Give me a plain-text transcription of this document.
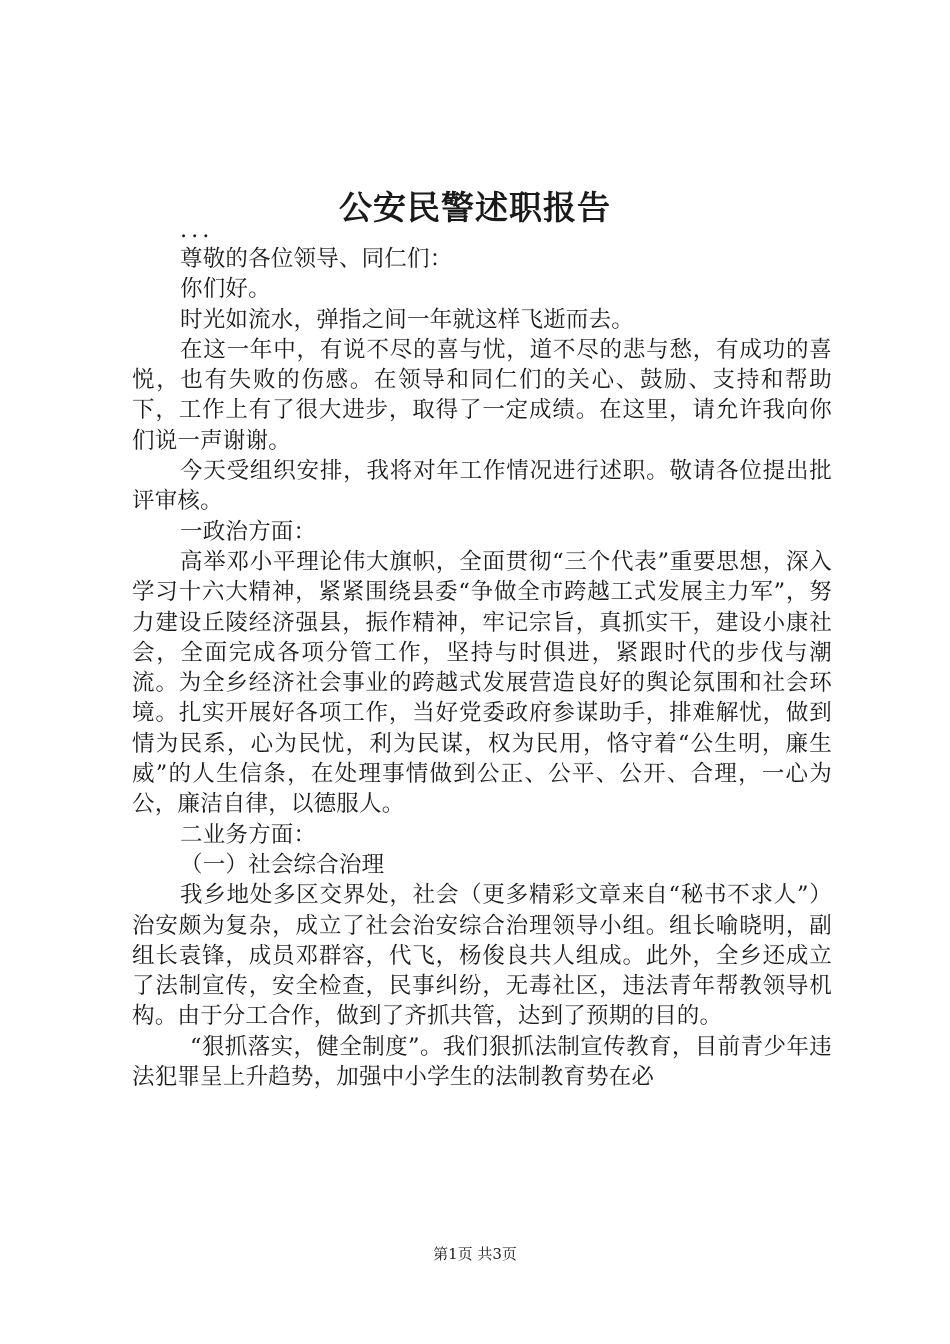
公安民警述职报告

...

尊敬的各位领导、同仁们：

你们好。

时光如流水，弹指之间一年就这样飞逝而去。

在这一年中，有说不尽的喜与忧，道不尽的悲与愁，有成功的喜悦，也有失败的伤感。在领导和同仁们的关心、鼓励、支持和帮助下，工作上有了很大进步，取得了一定成绩。在这里，请允许我向你们说一声谢谢。

今天受组织安排，我将对年工作情况进行述职。敬请各位提出批评审核。

一政治方面：

高举邓小平理论伟大旗帜，全面贯彻“三个代表”重要思想，深入学习十六大精神，紧紧围绕县委“争做全市跨越工式发展主力军”，努力建设丘陵经济强县，振作精神，牢记宗旨，真抓实干，建设小康社会，全面完成各项分管工作，坚持与时俱进，紧跟时代的步伐与潮流。为全乡经济社会事业的跨越式发展营造良好的舆论氛围和社会环境。扎实开展好各项工作，当好党委政府参谋助手，排难解忧，做到情为民系，心为民忧，利为民谋，权为民用，恪守着“公生明，廉生威”的人生信条，在处理事情做到公正、公平、公开、合理，一心为公，廉洁自律，以德服人。

二业务方面：

（一）社会综合治理

我乡地处多区交界处，社会（更多精彩文章来自“秘书不求人”）治安颇为复杂，成立了社会治安综合治理领导小组。组长喻晓明，副组长袁锋，成员邓群容，代飞，杨俊良共人组成。此外，全乡还成立了法制宣传，安全检查，民事纠纷，无毒社区，违法青年帮教领导机构。由于分工合作，做到了齐抓共管，达到了预期的目的。

“狠抓落实，健全制度”。我们狠抓法制宣传教育，目前青少年违法犯罪呈上升趋势，加强中小学生的法制教育势在必

第1页 共3页
